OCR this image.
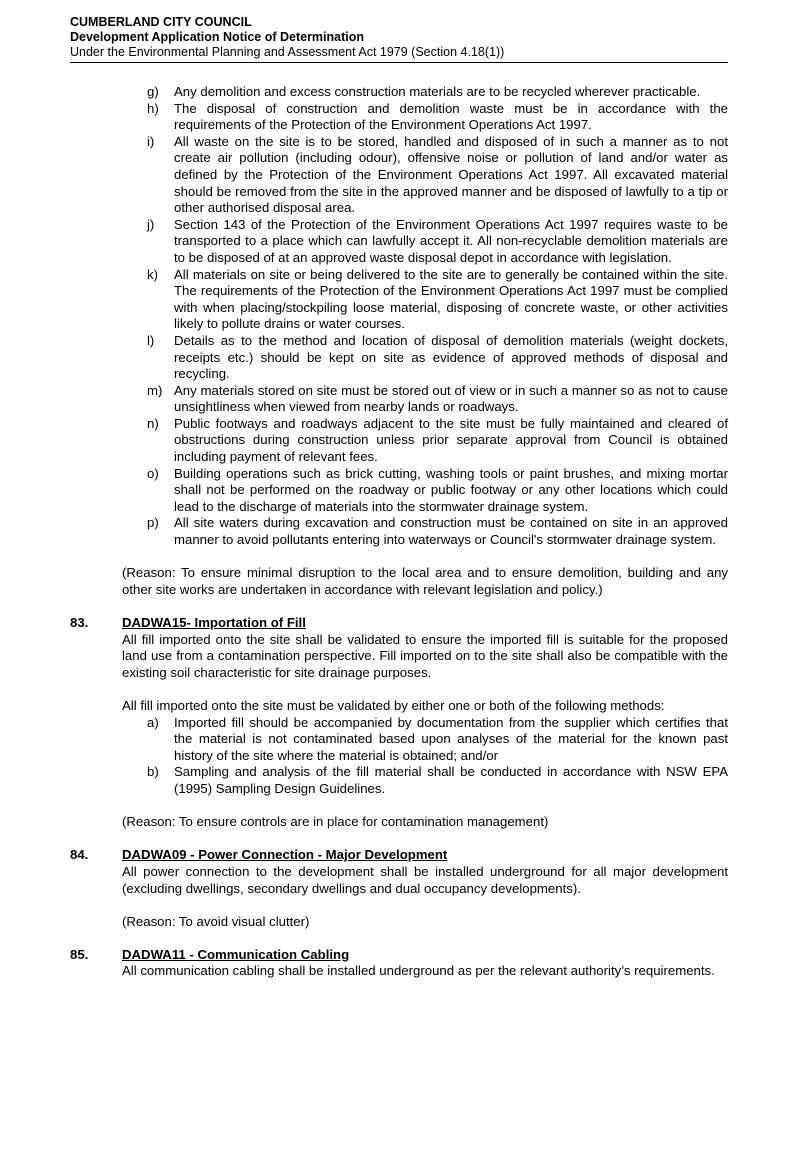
CUMBERLAND CITY COUNCIL
Development Application Notice of Determination
Under the Environmental Planning and Assessment Act 1979 (Section 4.18(1))
g)	Any demolition and excess construction materials are to be recycled wherever practicable.
h)	The disposal of construction and demolition waste must be in accordance with the requirements of the Protection of the Environment Operations Act 1997.
i)	All waste on the site is to be stored, handled and disposed of in such a manner as to not create air pollution (including odour), offensive noise or pollution of land and/or water as defined by the Protection of the Environment Operations Act 1997. All excavated material should be removed from the site in the approved manner and be disposed of lawfully to a tip or other authorised disposal area.
j)	Section 143 of the Protection of the Environment Operations Act 1997 requires waste to be transported to a place which can lawfully accept it. All non-recyclable demolition materials are to be disposed of at an approved waste disposal depot in accordance with legislation.
k)	All materials on site or being delivered to the site are to generally be contained within the site. The requirements of the Protection of the Environment Operations Act 1997 must be complied with when placing/stockpiling loose material, disposing of concrete waste, or other activities likely to pollute drains or water courses.
l)	Details as to the method and location of disposal of demolition materials (weight dockets, receipts etc.) should be kept on site as evidence of approved methods of disposal and recycling.
m) Any materials stored on site must be stored out of view or in such a manner so as not to cause unsightliness when viewed from nearby lands or roadways.
n)	Public footways and roadways adjacent to the site must be fully maintained and cleared of obstructions during construction unless prior separate approval from Council is obtained including payment of relevant fees.
o)	Building operations such as brick cutting, washing tools or paint brushes, and mixing mortar shall not be performed on the roadway or public footway or any other locations which could lead to the discharge of materials into the stormwater drainage system.
p)	All site waters during excavation and construction must be contained on site in an approved manner to avoid pollutants entering into waterways or Council's stormwater drainage system.
(Reason: To ensure minimal disruption to the local area and to ensure demolition, building and any other site works are undertaken in accordance with relevant legislation and policy.)
83.	DADWA15- Importation of Fill
All fill imported onto the site shall be validated to ensure the imported fill is suitable for the proposed land use from a contamination perspective. Fill imported on to the site shall also be compatible with the existing soil characteristic for site drainage purposes.
All fill imported onto the site must be validated by either one or both of the following methods:
a)	Imported fill should be accompanied by documentation from the supplier which certifies that the material is not contaminated based upon analyses of the material for the known past history of the site where the material is obtained; and/or
b)	Sampling and analysis of the fill material shall be conducted in accordance with NSW EPA (1995) Sampling Design Guidelines.
(Reason: To ensure controls are in place for contamination management)
84.	DADWA09 - Power Connection - Major Development
All power connection to the development shall be installed underground for all major development (excluding dwellings, secondary dwellings and dual occupancy developments).
(Reason: To avoid visual clutter)
85.	DADWA11 - Communication Cabling
All communication cabling shall be installed underground as per the relevant authority’s requirements.
